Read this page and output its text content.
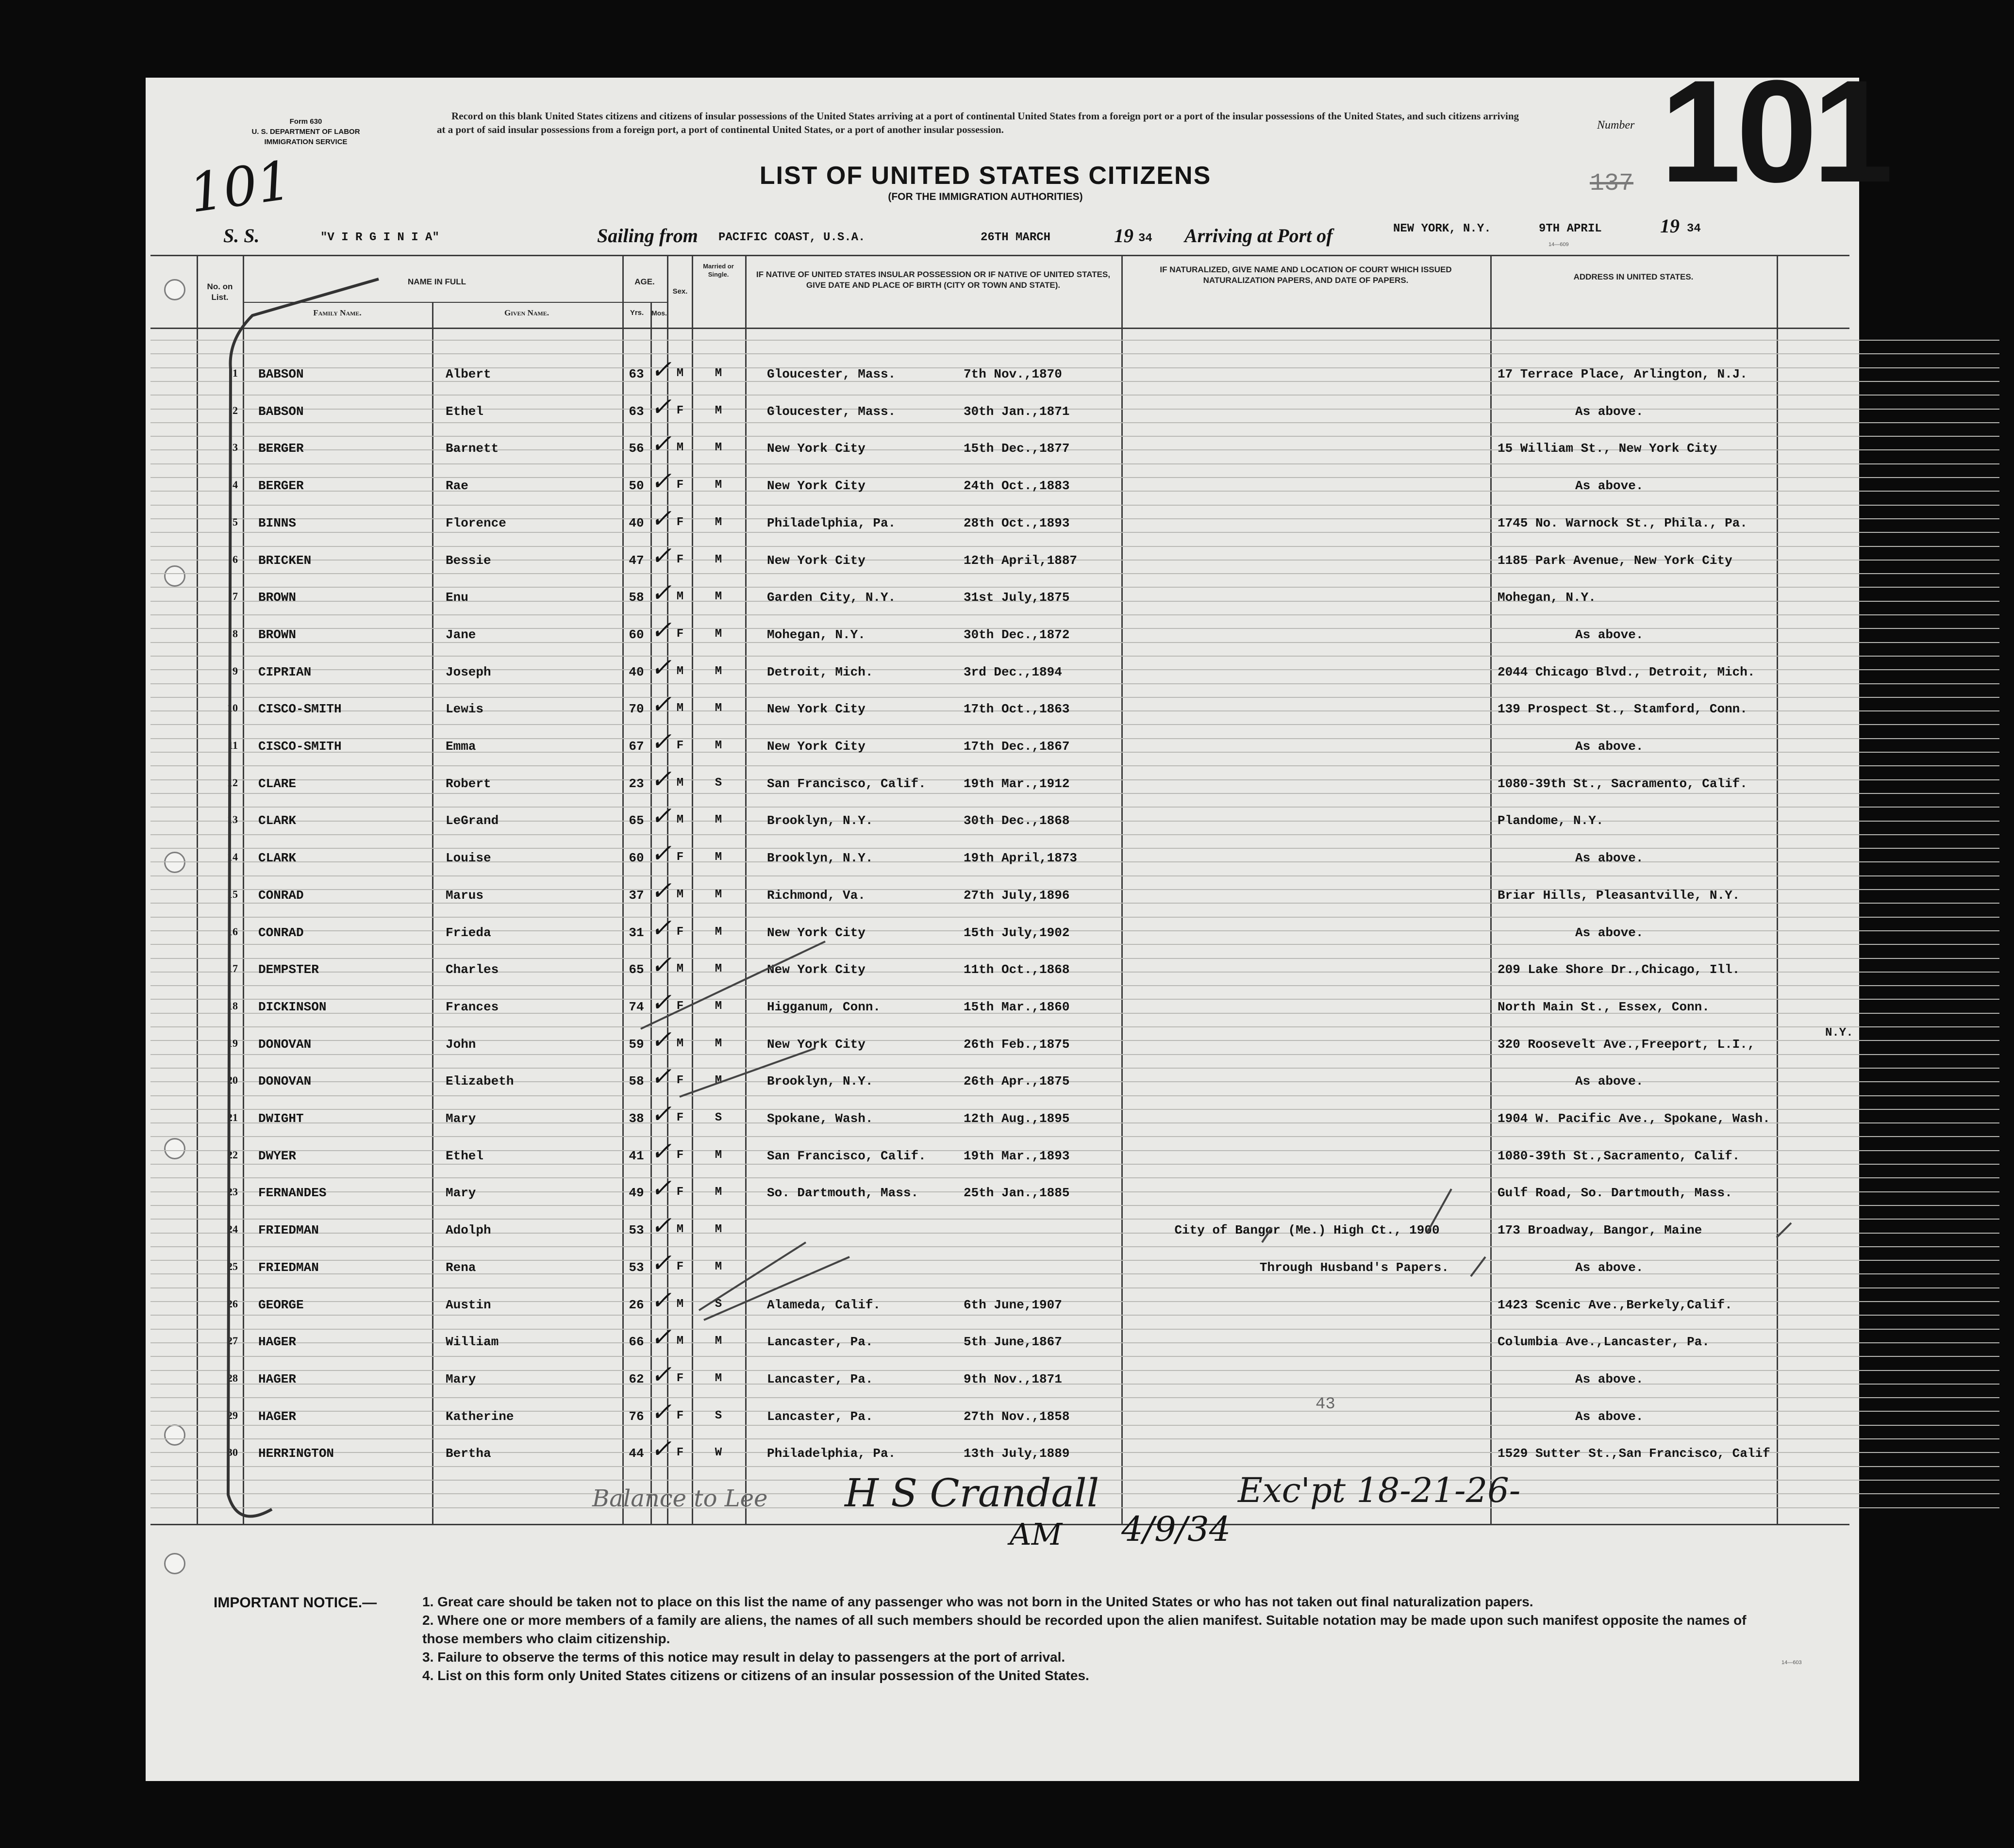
Form 630
U. S. DEPARTMENT OF LABOR
IMMIGRATION SERVICE
101
Record on this blank United States citizens and citizens of insular possessions of the United States arriving at a port of continental United States from a foreign port or a port of the insular possessions of the United States, and such citizens arriving at a port of said insular possessions from a foreign port, a port of continental United States, or a port of another insular possession.
LIST OF UNITED STATES CITIZENS
(FOR THE IMMIGRATION AUTHORITIES)
Number 101
137
S. S.	"V I R G I N I A"	Sailing from PACIFIC COAST, U.S.A.	26TH MARCH	19 34 Arriving at Port of	NEW YORK, N.Y.	9TH APRIL	19 34
14—609
No. on List.
NAME IN FULL
Family Name.	Given Name.
AGE.
Yrs.	Mos.
Sex.
Married or Single.	IF NATIVE OF UNITED STATES INSULAR POSSESSION OR IF NATIVE OF UNITED STATES, GIVE DATE AND PLACE OF BIRTH (CITY OR TOWN AND STATE).
IF NATURALIZED, GIVE NAME AND LOCATION OF COURT WHICH ISSUED NATURALIZATION PAPERS, AND DATE OF PAPERS.	ADDRESS IN UNITED STATES.
1 BABSON	Albert	63	M	M	Gloucester, Mass.	7th Nov.,1870	17 Terrace Place, Arlington, N.J.
✓
2 BABSON	Ethel	63	F	M	Gloucester, Mass.	30th Jan.,1871	As above.
✓
3 BERGER	Barnett	56	M	M	New York City	15th Dec.,1877	15 William St., New York City
✓
4 BERGER	Rae	50	F	M	New York City	24th Oct.,1883	As above.
✓
5 BINNS	Florence	40	F	M	Philadelphia, Pa.	28th Oct.,1893	1745 No. Warnock St., Phila., Pa.
✓
6 BRICKEN	Bessie	47	F	M	New York City	12th April,1887	1185 Park Avenue, New York City
✓
7 BROWN	Enu	58	M	M	Garden City, N.Y.	31st July,1875	Mohegan, N.Y.
✓
8 BROWN	Jane	60	F	M	Mohegan, N.Y.	30th Dec.,1872	As above.
✓
9 CIPRIAN	Joseph	40	M	M	Detroit, Mich.	3rd Dec.,1894	2044 Chicago Blvd., Detroit, Mich.
✓
10 CISCO-SMITH	Lewis	70	M	M	New York City	17th Oct.,1863	139 Prospect St., Stamford, Conn.
✓
11 CISCO-SMITH	Emma	67	F	M	New York City	17th Dec.,1867	As above.
✓
12 CLARE	Robert	23	M	S	San Francisco, Calif.	19th Mar.,1912	1080-39th St., Sacramento, Calif.
✓
13 CLARK	LeGrand	65	M	M	Brooklyn, N.Y.	30th Dec.,1868	Plandome, N.Y.
✓
14 CLARK	Louise	60	F	M	Brooklyn, N.Y.	19th April,1873	As above.
✓
15 CONRAD	Marus	37	M	M	Richmond, Va.	27th July,1896	Briar Hills, Pleasantville, N.Y.
✓
16 CONRAD	Frieda	31	F	M	New York City	15th July,1902	As above.
✓
17 DEMPSTER	Charles	65	M	M	New York City	11th Oct.,1868	209 Lake Shore Dr.,Chicago, Ill.
✓
18 DICKINSON	Frances	74	F	M	Higganum, Conn.	15th Mar.,1860	North Main St., Essex, Conn.
✓
19 DONOVAN	John	59	M	M	New York City	26th Feb.,1875	320 Roosevelt Ave.,Freeport, L.I.,
✓
20 DONOVAN	Elizabeth	58	F	M	Brooklyn, N.Y.	26th Apr.,1875	As above.
✓
21 DWIGHT	Mary	38	F	S	Spokane, Wash.	12th Aug.,1895	1904 W. Pacific Ave., Spokane, Wash.
✓
22 DWYER	Ethel	41	F	M	San Francisco, Calif.	19th Mar.,1893	1080-39th St.,Sacramento, Calif.
✓
23 FERNANDES	Mary	49	F	M	So. Dartmouth, Mass.	25th Jan.,1885	Gulf Road, So. Dartmouth, Mass.
✓
24 FRIEDMAN	Adolph	53	M	M	City of Bangor (Me.) High Ct., 1900	173 Broadway, Bangor, Maine
✓
25 FRIEDMAN	Rena	53	F	M	Through Husband's Papers.	As above.
✓
26 GEORGE	Austin	26	M	S	Alameda, Calif.	6th June,1907	1423 Scenic Ave.,Berkely,Calif.
✓
27 HAGER	William	66	M	M	Lancaster, Pa.	5th June,1867	Columbia Ave.,Lancaster, Pa.
✓
28 HAGER	Mary	62	F	M	Lancaster, Pa.	9th Nov.,1871	As above.
✓
29 HAGER	Katherine	76	F	S	Lancaster, Pa.	27th Nov.,1858	As above.
✓
30 HERRINGTON	Bertha	44	F	W	Philadelphia, Pa.	13th July,1889	1529 Sutter St.,San Francisco, Calif
✓
N.Y.
43
Balance to Lee H S Crandall	Exc'pt 18-21-26-
AM 4/9/34
IMPORTANT NOTICE.—	1. Great care should be taken not to place on this list the name of any passenger who was not born in the United States or who has not taken out final naturalization papers.
2. Where one or more members of a family are aliens, the names of all such members should be recorded upon the alien manifest. Suitable notation may be made upon such manifest opposite the names of those members who claim citizenship.
3. Failure to observe the terms of this notice may result in delay to passengers at the port of arrival.
4. List on this form only United States citizens or citizens of an insular possession of the United States.
14—603
